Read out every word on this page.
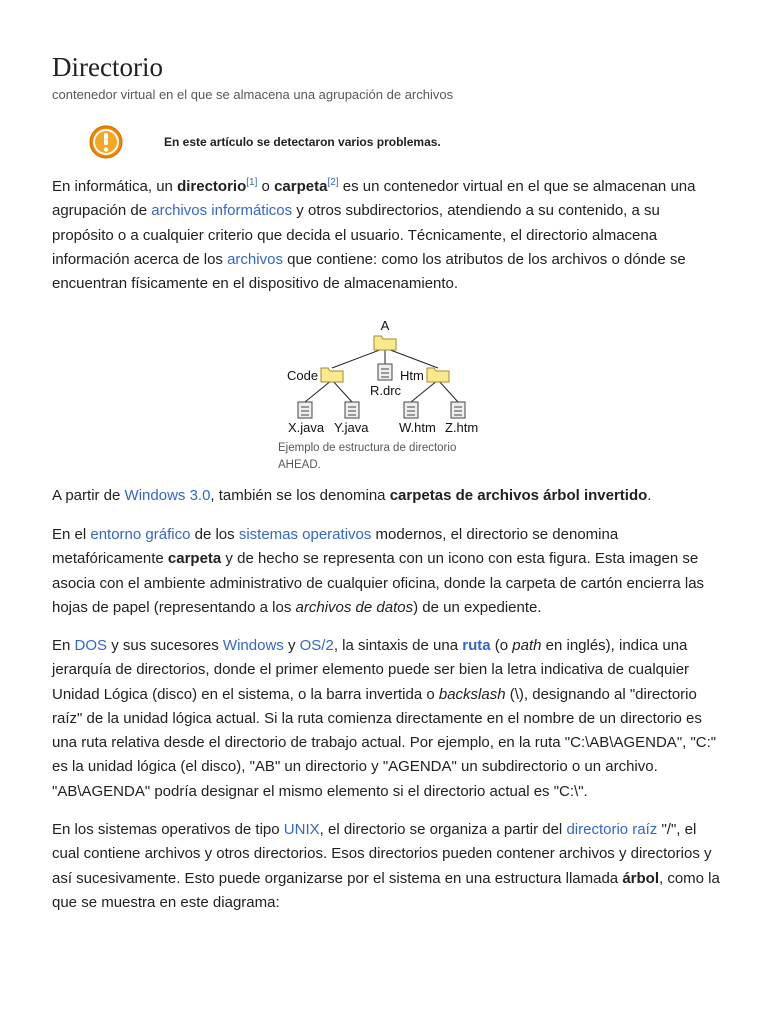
Directorio
contenedor virtual en el que se almacena una agrupación de archivos
En este artículo se detectaron varios problemas.

En informática, un directorio[1] o carpeta[2] es un contenedor virtual en el que se almacenan una agrupación de archivos informáticos y otros subdirectorios, atendiendo a su contenido, a su propósito o a cualquier criterio que decida el usuario. Técnicamente, el directorio almacena información acerca de los archivos que contiene: como los atributos de los archivos o dónde se encuentran físicamente en el dispositivo de almacenamiento.

A
Code	Htm
R.drc
X.java Y.java W.htm Z.htm
Ejemplo de estructura de directorio AHEAD.

A partir de Windows 3.0, también se los denomina carpetas de archivos árbol invertido.

En el entorno gráfico de los sistemas operativos modernos, el directorio se denomina metafóricamente carpeta y de hecho se representa con un icono con esta figura. Esta imagen se asocia con el ambiente administrativo de cualquier oficina, donde la carpeta de cartón encierra las hojas de papel (representando a los archivos de datos) de un expediente.

En DOS y sus sucesores Windows y OS/2, la sintaxis de una ruta (o path en inglés), indica una jerarquía de directorios, donde el primer elemento puede ser bien la letra indicativa de cualquier Unidad Lógica (disco) en el sistema, o la barra invertida o backslash (\), designando al "directorio raíz" de la unidad lógica actual. Si la ruta comienza directamente en el nombre de un directorio es una ruta relativa desde el directorio de trabajo actual. Por ejemplo, en la ruta "C:\AB\AGENDA", "C:" es la unidad lógica (el disco), "AB" un directorio y "AGENDA" un subdirectorio o un archivo. "AB\AGENDA" podría designar el mismo elemento si el directorio actual es "C:\".

En los sistemas operativos de tipo UNIX, el directorio se organiza a partir del directorio raíz "/", el cual contiene archivos y otros directorios. Esos directorios pueden contener archivos y directorios y así sucesivamente. Esto puede organizarse por el sistema en una estructura llamada árbol, como la que se muestra en este diagrama:
